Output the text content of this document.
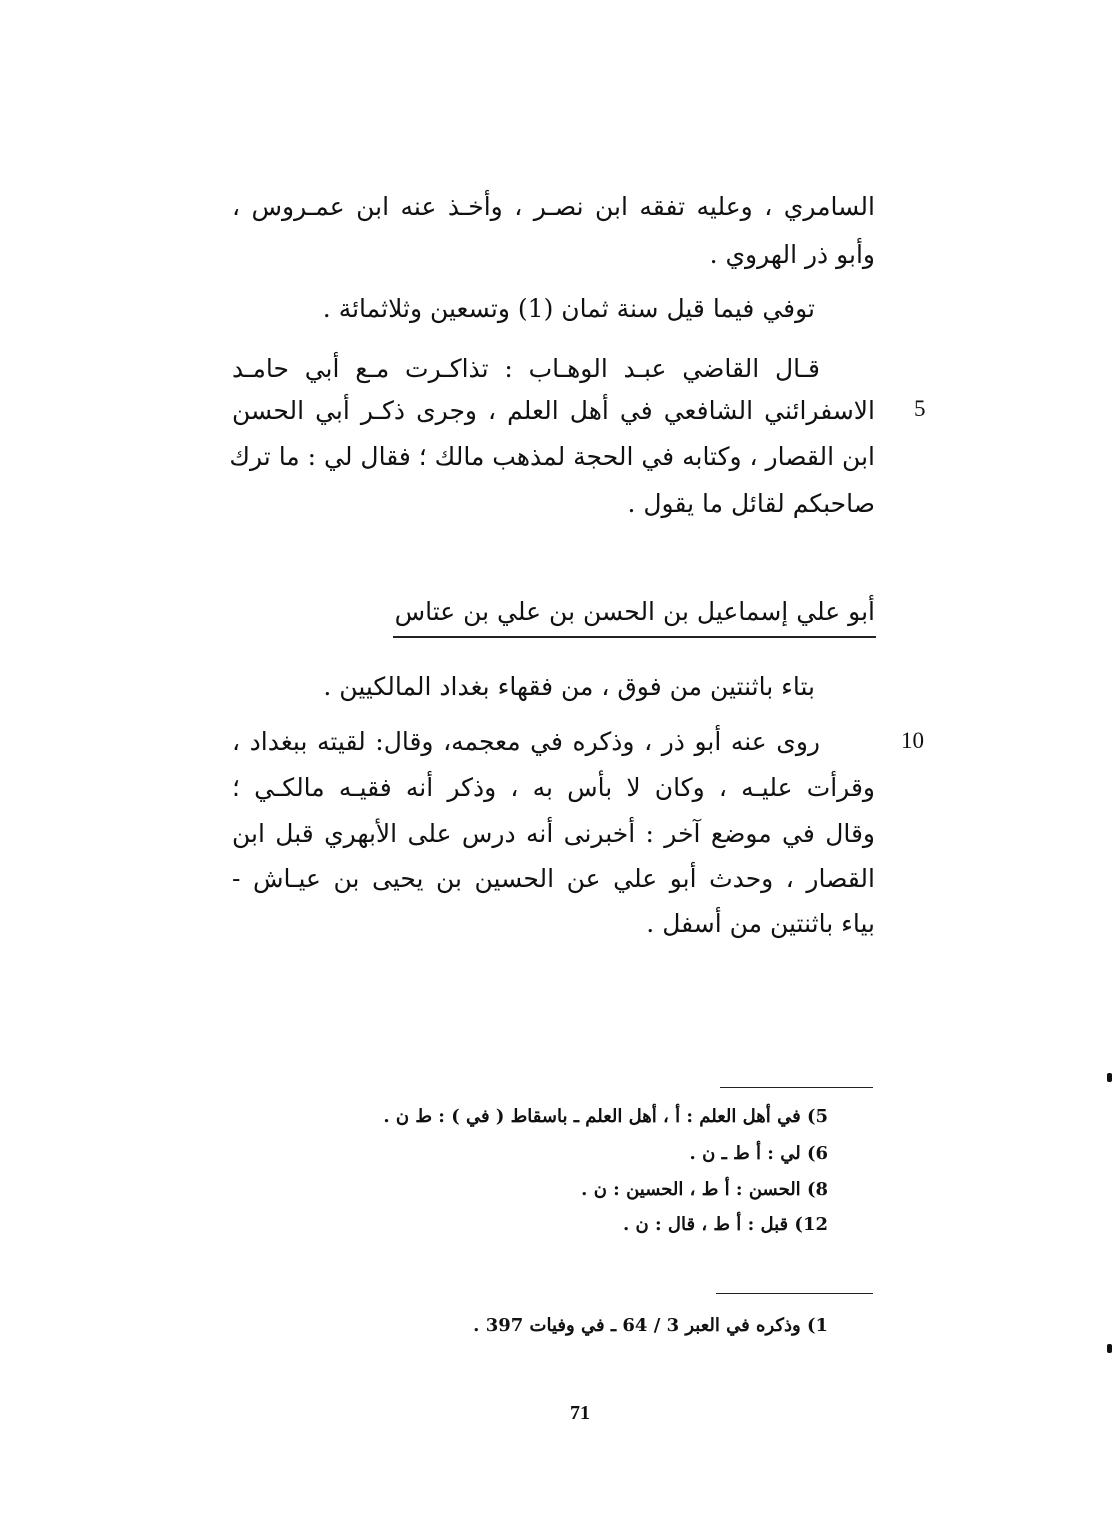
السامري ، وعليه تفقه ابن نصـر ، وأخـذ عنه ابن عمـروس ،
وأبو ذر الهروي .
توفي فيما قيل سنة ثمان (1) وتسعين وثلاثمائة .
قـال القاضي عبـد الوهـاب : تذاكـرت مـع أبي حامـد
الاسفرائني الشافعي في أهل العلم ، وجرى ذكـر أبي الحسن 5
ابن القصار ، وكتابه في الحجة لمذهب مالك ؛ فقال لي : ما ترك
صاحبكم لقائل ما يقول .
أبو علي إسماعيل بن الحسن بن علي بن عتاس
بتاء باثنتين من فوق ، من فقهاء بغداد المالكيين .
روى عنه أبو ذر ، وذكره في معجمه، وقال: لقيته ببغداد ،	10
وقرأت عليـه ، وكان لا بأس به ، وذكر أنه فقيـه مالكـي ؛
وقال في موضع آخر : أخبرنى أنه درس على الأبهري قبل ابن
القصار ، وحدث أبو علي عن الحسين بن يحيى بن عيـاش -
بياء باثنتين من أسفل .
5) في أهل العلم : أ ، أهل العلم ـ باسقاط ( في ) : ط ن .
6) لي : أ ط ـ ن .
8) الحسن : أ ط ، الحسين : ن .
12) قبل : أ ط ، قال : ن .
1) وذكره في العبر 3 / 64 ـ في وفيات 397 .
71
